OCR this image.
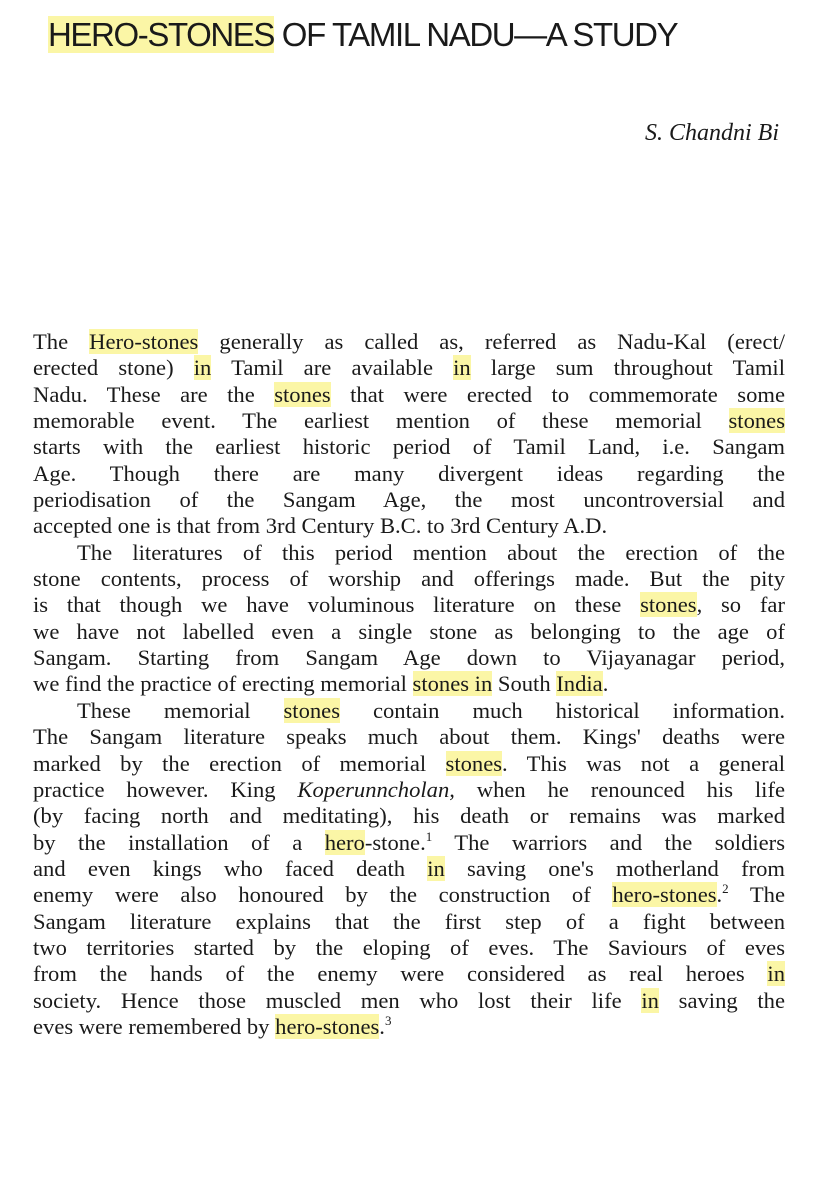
HERO-STONES OF TAMIL NADU—A STUDY
S. Chandni Bi
The Hero-stones generally as called as, referred as Nadu-Kal (erect/
erected stone) in Tamil are available in large sum throughout Tamil
Nadu. These are the stones that were erected to commemorate some
memorable event. The earliest mention of these memorial stones
starts with the earliest historic period of Tamil Land, i.e. Sangam
Age. Though there are many divergent ideas regarding the
periodisation of the Sangam Age, the most uncontroversial and
accepted one is that from 3rd Century B.C. to 3rd Century A.D.
The literatures of this period mention about the erection of the
stone contents, process of worship and offerings made. But the pity
is that though we have voluminous literature on these stones, so far
we have not labelled even a single stone as belonging to the age of
Sangam. Starting from Sangam Age down to Vijayanagar period,
we find the practice of erecting memorial stones in South India.
These memorial stones contain much historical information.
The Sangam literature speaks much about them. Kings' deaths were
marked by the erection of memorial stones. This was not a general
practice however. King Koperunncholan, when he renounced his life
(by facing north and meditating), his death or remains was marked
by the installation of a hero-stone.$^1$ The warriors and the soldiers
and even kings who faced death in saving one's motherland from
enemy were also honoured by the construction of hero-stones.$^2$ The
Sangam literature explains that the first step of a fight between
two territories started by the eloping of eves. The Saviours of eves
from the hands of the enemy were considered as real heroes in
society. Hence those muscled men who lost their life in saving the
eves were remembered by hero-stones.$^3$
